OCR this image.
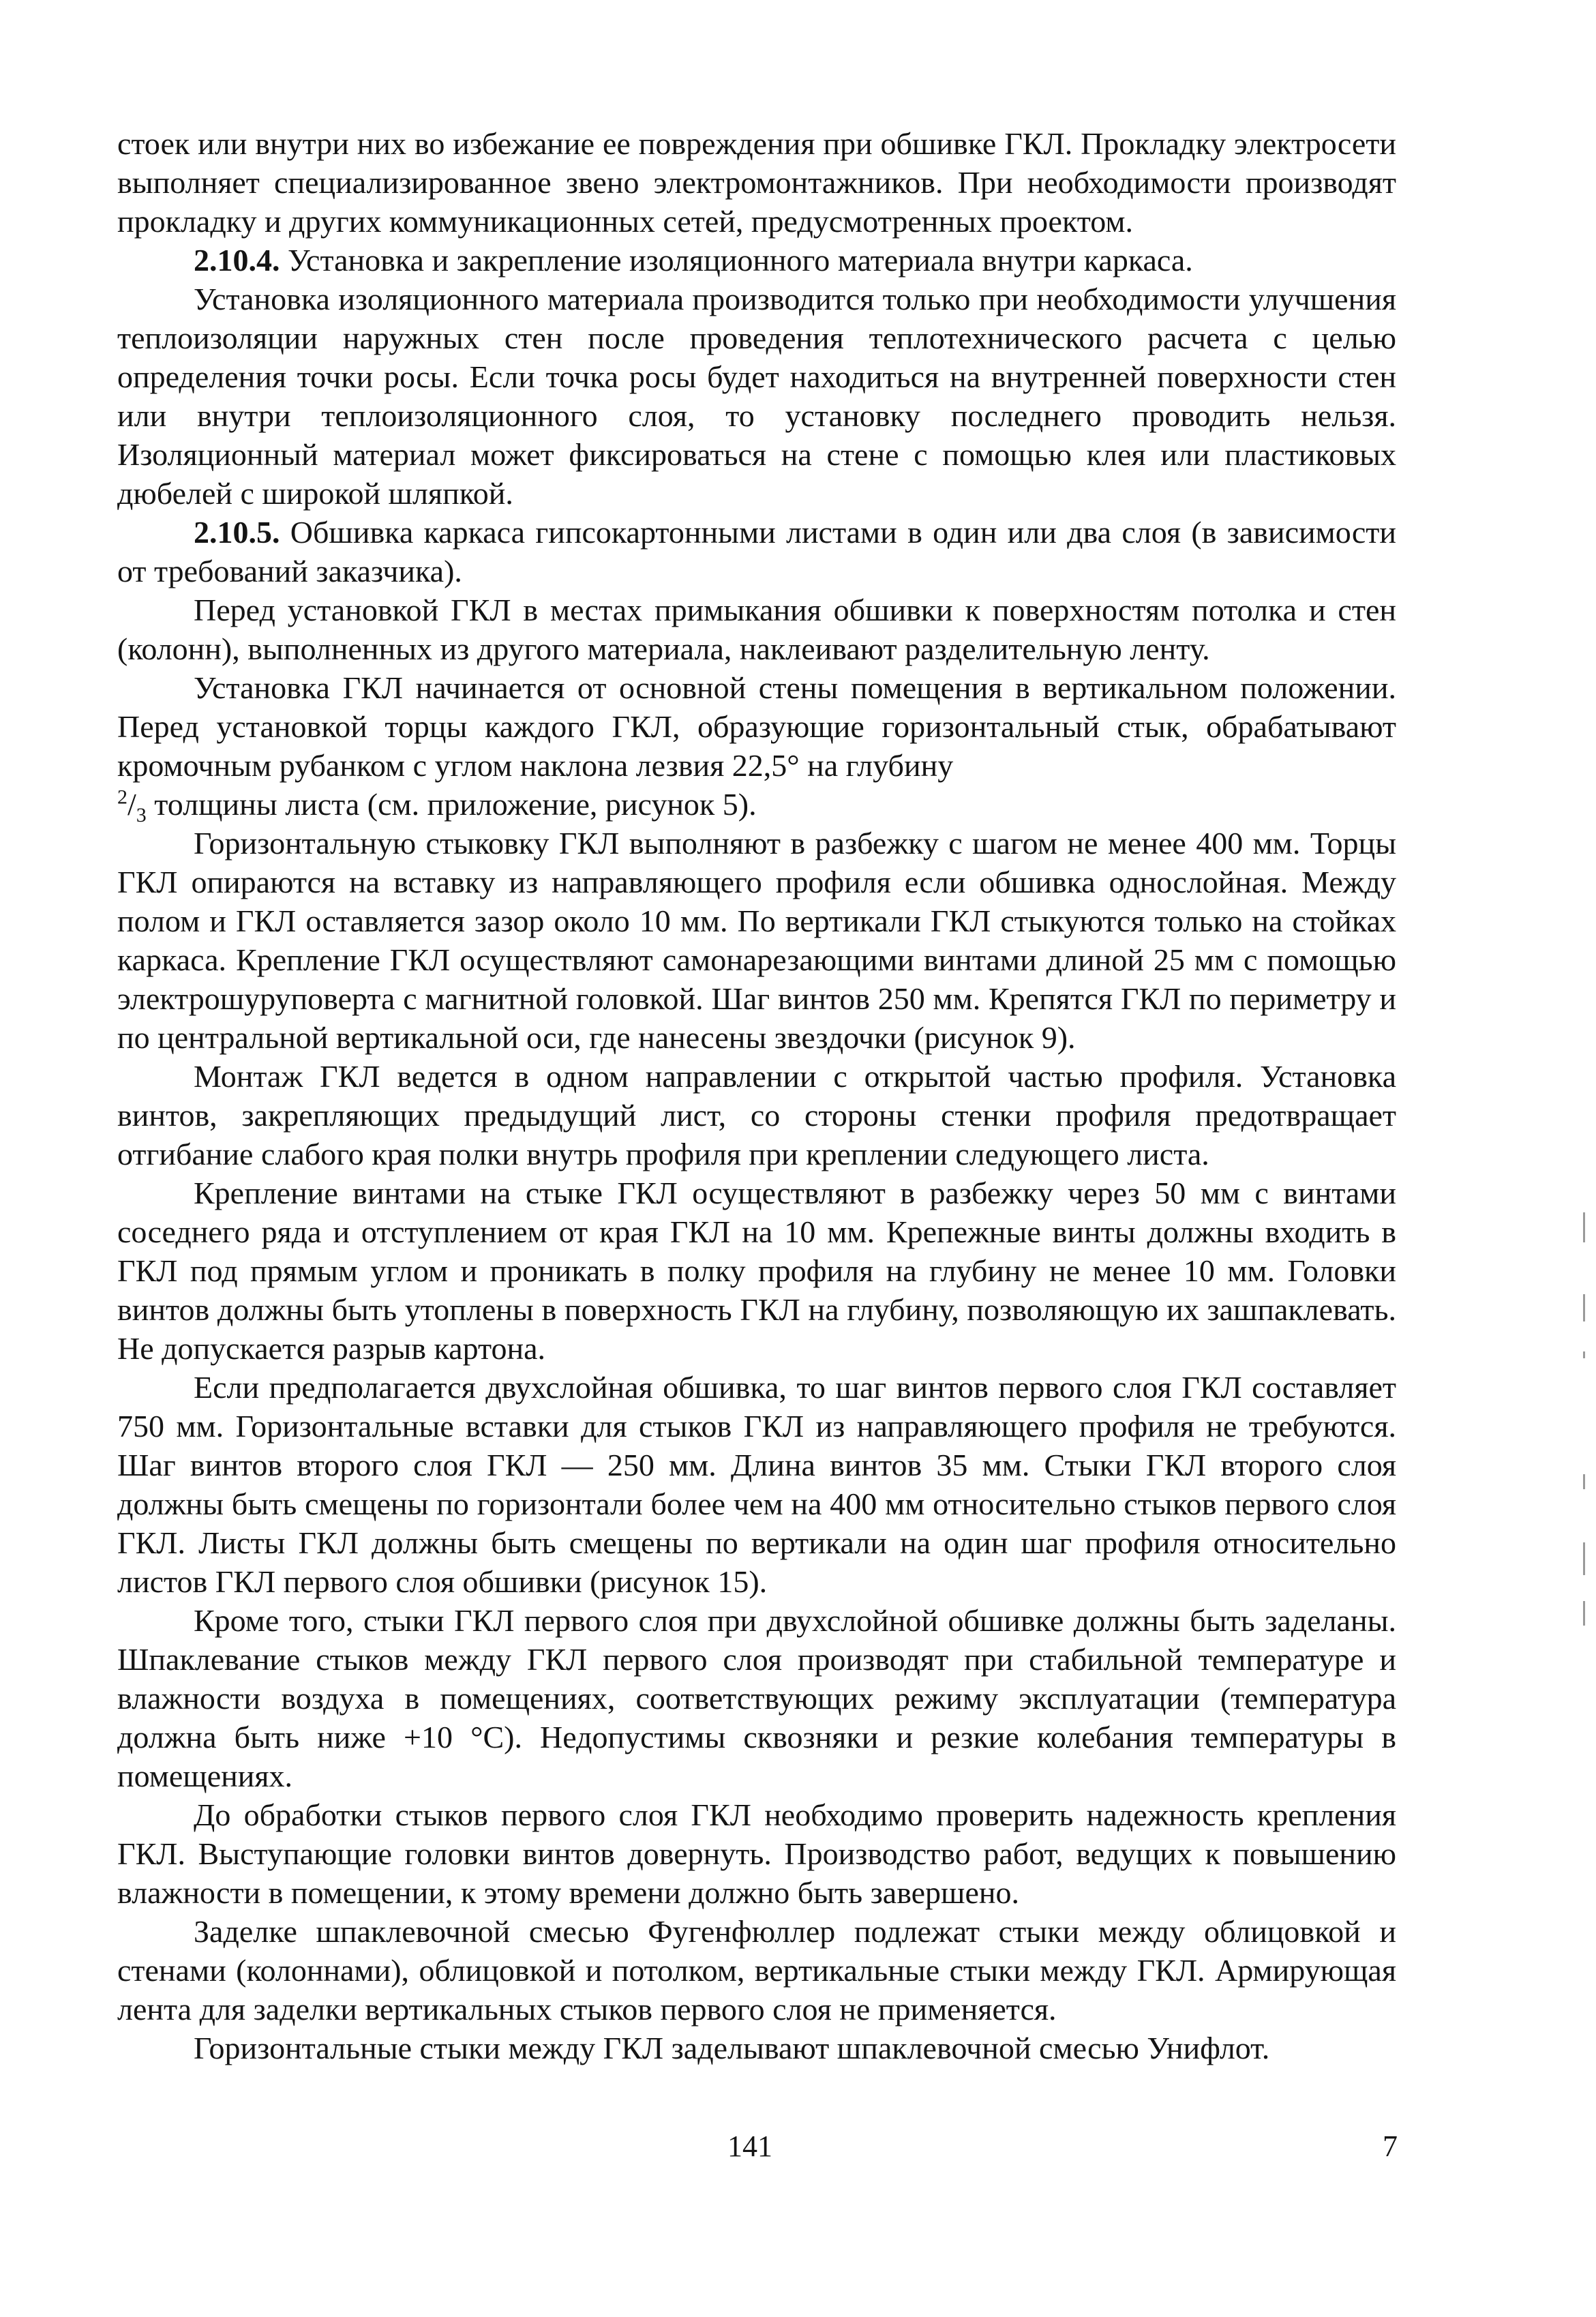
стоек или внутри них во избежание ее повреждения при обшивке ГКЛ. Прокладку электросети выполняет специализированное звено электромонтажников. При необходимости производят прокладку и других коммуникационных сетей, предусмотренных проектом.

2.10.4. Установка и закрепление изоляционного материала внутри каркаса.

Установка изоляционного материала производится только при необходимости улучшения теплоизоляции наружных стен после проведения теплотехнического расчета с целью определения точки росы. Если точка росы будет находиться на внутренней поверхности стен или внутри теплоизоляционного слоя, то установку последнего проводить нельзя. Изоляционный материал может фиксироваться на стене с помощью клея или пластиковых дюбелей с широкой шляпкой.

2.10.5. Обшивка каркаса гипсокартонными листами в один или два слоя (в зависимости от требований заказчика).

Перед установкой ГКЛ в местах примыкания обшивки к поверхностям потолка и стен (колонн), выполненных из другого материала, наклеивают разделительную ленту.

Установка ГКЛ начинается от основной стены помещения в вертикальном положении. Перед установкой торцы каждого ГКЛ, образующие горизонтальный стык, обрабатывают кромочным рубанком с углом наклона лезвия 22,5° на глубину

$^2/_3$ толщины листа (см. приложение, рисунок 5).

Горизонтальную стыковку ГКЛ выполняют в разбежку с шагом не менее 400 мм. Торцы ГКЛ опираются на вставку из направляющего профиля если обшивка однослойная. Между полом и ГКЛ оставляется зазор около 10 мм. По вертикали ГКЛ стыкуются только на стойках каркаса. Крепление ГКЛ осуществляют самонарезающими винтами длиной 25 мм с помощью электрошуруповерта с магнитной головкой. Шаг винтов 250 мм. Крепятся ГКЛ по периметру и по центральной вертикальной оси, где нанесены звездочки (рисунок 9).

Монтаж ГКЛ ведется в одном направлении с открытой частью профиля. Установка винтов, закрепляющих предыдущий лист, со стороны стенки профиля предотвращает отгибание слабого края полки внутрь профиля при креплении следующего листа.

Крепление винтами на стыке ГКЛ осуществляют в разбежку через 50 мм с винтами соседнего ряда и отступлением от края ГКЛ на 10 мм. Крепежные винты должны входить в ГКЛ под прямым углом и проникать в полку профиля на глубину не менее 10 мм. Головки винтов должны быть утоплены в поверхность ГКЛ на глубину, позволяющую их зашпаклевать. Не допускается разрыв картона.

Если предполагается двухслойная обшивка, то шаг винтов первого слоя ГКЛ составляет 750 мм. Горизонтальные вставки для стыков ГКЛ из направляющего профиля не требуются. Шаг винтов второго слоя ГКЛ — 250 мм. Длина винтов 35 мм. Стыки ГКЛ второго слоя должны быть смещены по горизонтали более чем на 400 мм относительно стыков первого слоя ГКЛ. Листы ГКЛ должны быть смещены по вертикали на один шаг профиля относительно листов ГКЛ первого слоя обшивки (рисунок 15).

Кроме того, стыки ГКЛ первого слоя при двухслойной обшивке должны быть заделаны. Шпаклевание стыков между ГКЛ первого слоя производят при стабильной температуре и влажности воздуха в помещениях, соответствующих режиму эксплуатации (температура должна быть ниже +10 °С). Недопустимы сквозняки и резкие колебания температуры в помещениях.

До обработки стыков первого слоя ГКЛ необходимо проверить надежность крепления ГКЛ. Выступающие головки винтов довернуть. Производство работ, ведущих к повышению влажности в помещении, к этому времени должно быть завершено.

Заделке шпаклевочной смесью Фугенфюллер подлежат стыки между облицовкой и стенами (колоннами), облицовкой и потолком, вертикальные стыки между ГКЛ. Армирующая лента для заделки вертикальных стыков первого слоя не применяется.

Горизонтальные стыки между ГКЛ заделывают шпаклевочной смесью Унифлот.

141	7
